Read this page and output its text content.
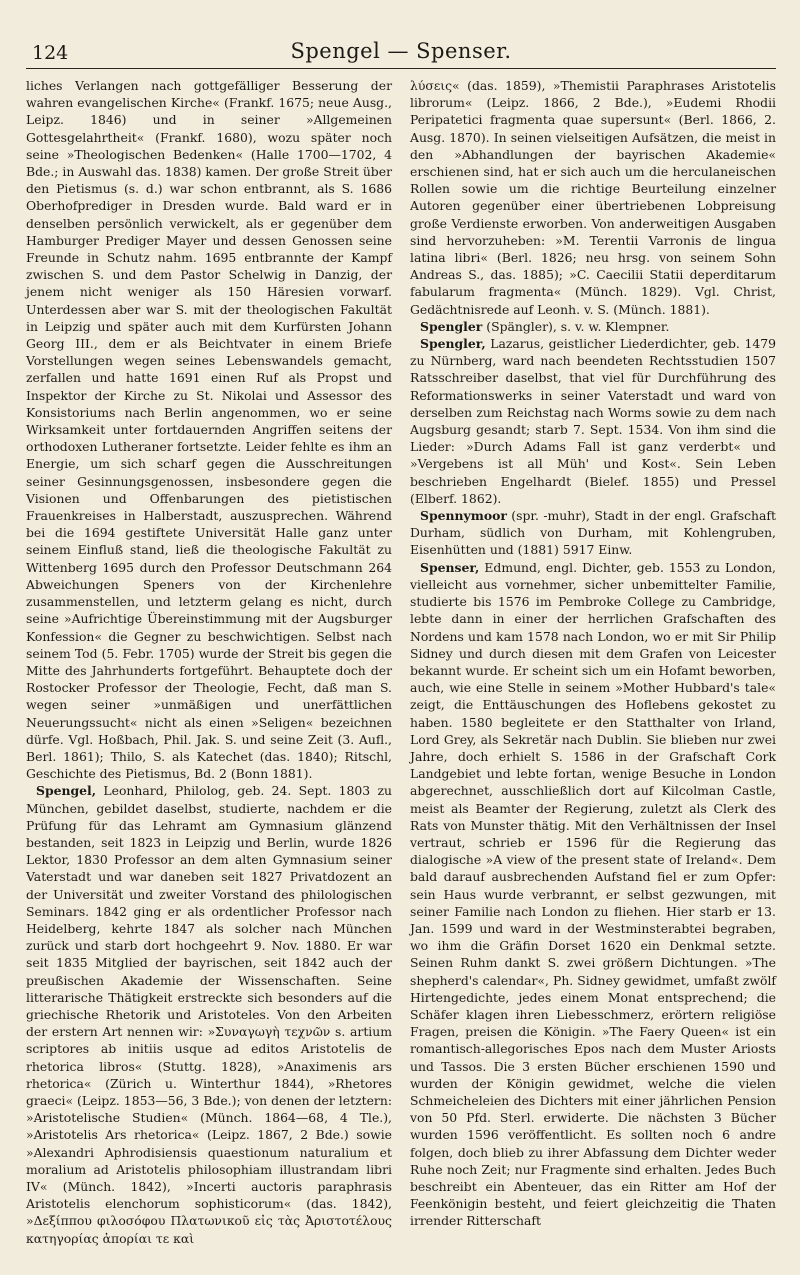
124	Spengel — Spenser.

liches Verlangen nach gottgefälliger Besserung der wahren evangelischen Kirche« (Frankf. 1675; neue Ausg., Leipz. 1846) und in seiner »Allgemeinen Gottesgelahrtheit« (Frankf. 1680), wozu später noch seine »Theologischen Bedenken« (Halle 1700—1702, 4 Bde.; in Auswahl das. 1838) kamen. Der große Streit über den Pietismus (s. d.) war schon entbrannt, als S. 1686 Oberhofprediger in Dresden wurde. Bald ward er in denselben persönlich verwickelt, als er gegenüber dem Hamburger Prediger Mayer und dessen Genossen seine Freunde in Schutz nahm. 1695 entbrannte der Kampf zwischen S. und dem Pastor Schelwig in Danzig, der jenem nicht weniger als 150 Häresien vorwarf. Unterdessen aber war S. mit der theologischen Fakultät in Leipzig und später auch mit dem Kurfürsten Johann Georg III., dem er als Beichtvater in einem Briefe Vorstellungen wegen seines Lebenswandels gemacht, zerfallen und hatte 1691 einen Ruf als Propst und Inspektor der Kirche zu St. Nikolai und Assessor des Konsistoriums nach Berlin angenommen, wo er seine Wirksamkeit unter fortdauernden Angriffen seitens der orthodoxen Lutheraner fortsetzte. Leider fehlte es ihm an Energie, um sich scharf gegen die Ausschreitungen seiner Gesinnungsgenossen, insbesondere gegen die Visionen und Offenbarungen des pietistischen Frauenkreises in Halberstadt, auszusprechen. Während bei die 1694 gestiftete Universität Halle ganz unter seinem Einfluß stand, ließ die theologische Fakultät zu Wittenberg 1695 durch den Professor Deutschmann 264 Abweichungen Speners von der Kirchenlehre zusammenstellen, und letzterm gelang es nicht, durch seine »Aufrichtige Übereinstimmung mit der Augsburger Konfession« die Gegner zu beschwichtigen. Selbst nach seinem Tod (5. Febr. 1705) wurde der Streit bis gegen die Mitte des Jahrhunderts fortgeführt. Behauptete doch der Rostocker Professor der Theologie, Fecht, daß man S. wegen seiner »unmäßigen und unerfättlichen Neuerungssucht« nicht als einen »Seligen« bezeichnen dürfe. Vgl. Hoßbach, Phil. Jak. S. und seine Zeit (3. Aufl., Berl. 1861); Thilo, S. als Katechet (das. 1840); Ritschl, Geschichte des Pietismus, Bd. 2 (Bonn 1881).

Spengel, Leonhard, Philolog, geb. 24. Sept. 1803 zu München, gebildet daselbst, studierte, nachdem er die Prüfung für das Lehramt am Gymnasium glänzend bestanden, seit 1823 in Leipzig und Berlin, wurde 1826 Lektor, 1830 Professor an dem alten Gymnasium seiner Vaterstadt und war daneben seit 1827 Privatdozent an der Universität und zweiter Vorstand des philologischen Seminars. 1842 ging er als ordentlicher Professor nach Heidelberg, kehrte 1847 als solcher nach München zurück und starb dort hochgeehrt 9. Nov. 1880. Er war seit 1835 Mitglied der bayrischen, seit 1842 auch der preußischen Akademie der Wissenschaften. Seine litterarische Thätigkeit erstreckte sich besonders auf die griechische Rhetorik und Aristoteles. Von den Arbeiten der erstern Art nennen wir: »Συναγωγὴ τεχνῶν s. artium scriptores ab initiis usque ad editos Aristotelis de rhetorica libros« (Stuttg. 1828), »Anaximenis ars rhetorica« (Zürich u. Winterthur 1844), »Rhetores graeci« (Leipz. 1853—56, 3 Bde.); von denen der letztern: »Aristotelische Studien« (Münch. 1864—68, 4 Tle.), »Aristotelis Ars rhetorica« (Leipz. 1867, 2 Bde.) sowie »Alexandri Aphrodisiensis quaestionum naturalium et moralium ad Aristotelis philosophiam illustrandam libri IV« (Münch. 1842), »Incerti auctoris paraphrasis Aristotelis elenchorum sophisticorum« (das. 1842), »Δεξίππου φιλοσόφου Πλατωνικοῦ εἰς τὰς Ἀριστοτέλους κατηγορίας ἀπορίαι τε καὶ

λύσεις« (das. 1859), »Themistii Paraphrases Aristotelis librorum« (Leipz. 1866, 2 Bde.), »Eudemi Rhodii Peripatetici fragmenta quae supersunt« (Berl. 1866, 2. Ausg. 1870). In seinen vielseitigen Aufsätzen, die meist in den »Abhandlungen der bayrischen Akademie« erschienen sind, hat er sich auch um die herculaneischen Rollen sowie um die richtige Beurteilung einzelner Autoren gegenüber einer übertriebenen Lobpreisung große Verdienste erworben. Von anderweitigen Ausgaben sind hervorzuheben: »M. Terentii Varronis de lingua latina libri« (Berl. 1826; neu hrsg. von seinem Sohn Andreas S., das. 1885); »C. Caecilii Statii deperditarum fabularum fragmenta« (Münch. 1829). Vgl. Christ, Gedächtnisrede auf Leonh. v. S. (Münch. 1881).

Spengler (Spängler), s. v. w. Klempner.

Spengler, Lazarus, geistlicher Liederdichter, geb. 1479 zu Nürnberg, ward nach beendeten Rechtsstudien 1507 Ratsschreiber daselbst, that viel für Durchführung des Reformationswerks in seiner Vaterstadt und ward von derselben zum Reichstag nach Worms sowie zu dem nach Augsburg gesandt; starb 7. Sept. 1534. Von ihm sind die Lieder: »Durch Adams Fall ist ganz verderbt« und »Vergebens ist all Müh' und Kost«. Sein Leben beschrieben Engelhardt (Bielef. 1855) und Pressel (Elberf. 1862).

Spennymoor (spr. -muhr), Stadt in der engl. Grafschaft Durham, südlich von Durham, mit Kohlengruben, Eisenhütten und (1881) 5917 Einw.

Spenser, Edmund, engl. Dichter, geb. 1553 zu London, vielleicht aus vornehmer, sicher unbemittelter Familie, studierte bis 1576 im Pembroke College zu Cambridge, lebte dann in einer der herrlichen Grafschaften des Nordens und kam 1578 nach London, wo er mit Sir Philip Sidney und durch diesen mit dem Grafen von Leicester bekannt wurde. Er scheint sich um ein Hofamt beworben, auch, wie eine Stelle in seinem »Mother Hubbard's tale« zeigt, die Enttäuschungen des Hoflebens gekostet zu haben. 1580 begleitete er den Statthalter von Irland, Lord Grey, als Sekretär nach Dublin. Sie blieben nur zwei Jahre, doch erhielt S. 1586 in der Grafschaft Cork Landgebiet und lebte fortan, wenige Besuche in London abgerechnet, ausschließlich dort auf Kilcolman Castle, meist als Beamter der Regierung, zuletzt als Clerk des Rats von Munster thätig. Mit den Verhältnissen der Insel vertraut, schrieb er 1596 für die Regierung das dialogische »A view of the present state of Ireland«. Dem bald darauf ausbrechenden Aufstand fiel er zum Opfer: sein Haus wurde verbrannt, er selbst gezwungen, mit seiner Familie nach London zu fliehen. Hier starb er 13. Jan. 1599 und ward in der Westminsterabtei begraben, wo ihm die Gräfin Dorset 1620 ein Denkmal setzte. Seinen Ruhm dankt S. zwei größern Dichtungen. »The shepherd's calendar«, Ph. Sidney gewidmet, umfaßt zwölf Hirtengedichte, jedes einem Monat entsprechend; die Schäfer klagen ihren Liebesschmerz, erörtern religiöse Fragen, preisen die Königin. »The Faery Queen« ist ein romantisch-allegorisches Epos nach dem Muster Ariosts und Tassos. Die 3 ersten Bücher erschienen 1590 und wurden der Königin gewidmet, welche die vielen Schmeicheleien des Dichters mit einer jährlichen Pension von 50 Pfd. Sterl. erwiderte. Die nächsten 3 Bücher wurden 1596 veröffentlicht. Es sollten noch 6 andre folgen, doch blieb zu ihrer Abfassung dem Dichter weder Ruhe noch Zeit; nur Fragmente sind erhalten. Jedes Buch beschreibt ein Abenteuer, das ein Ritter am Hof der Feenkönigin besteht, und feiert gleichzeitig die Thaten irrender Ritterschaft
